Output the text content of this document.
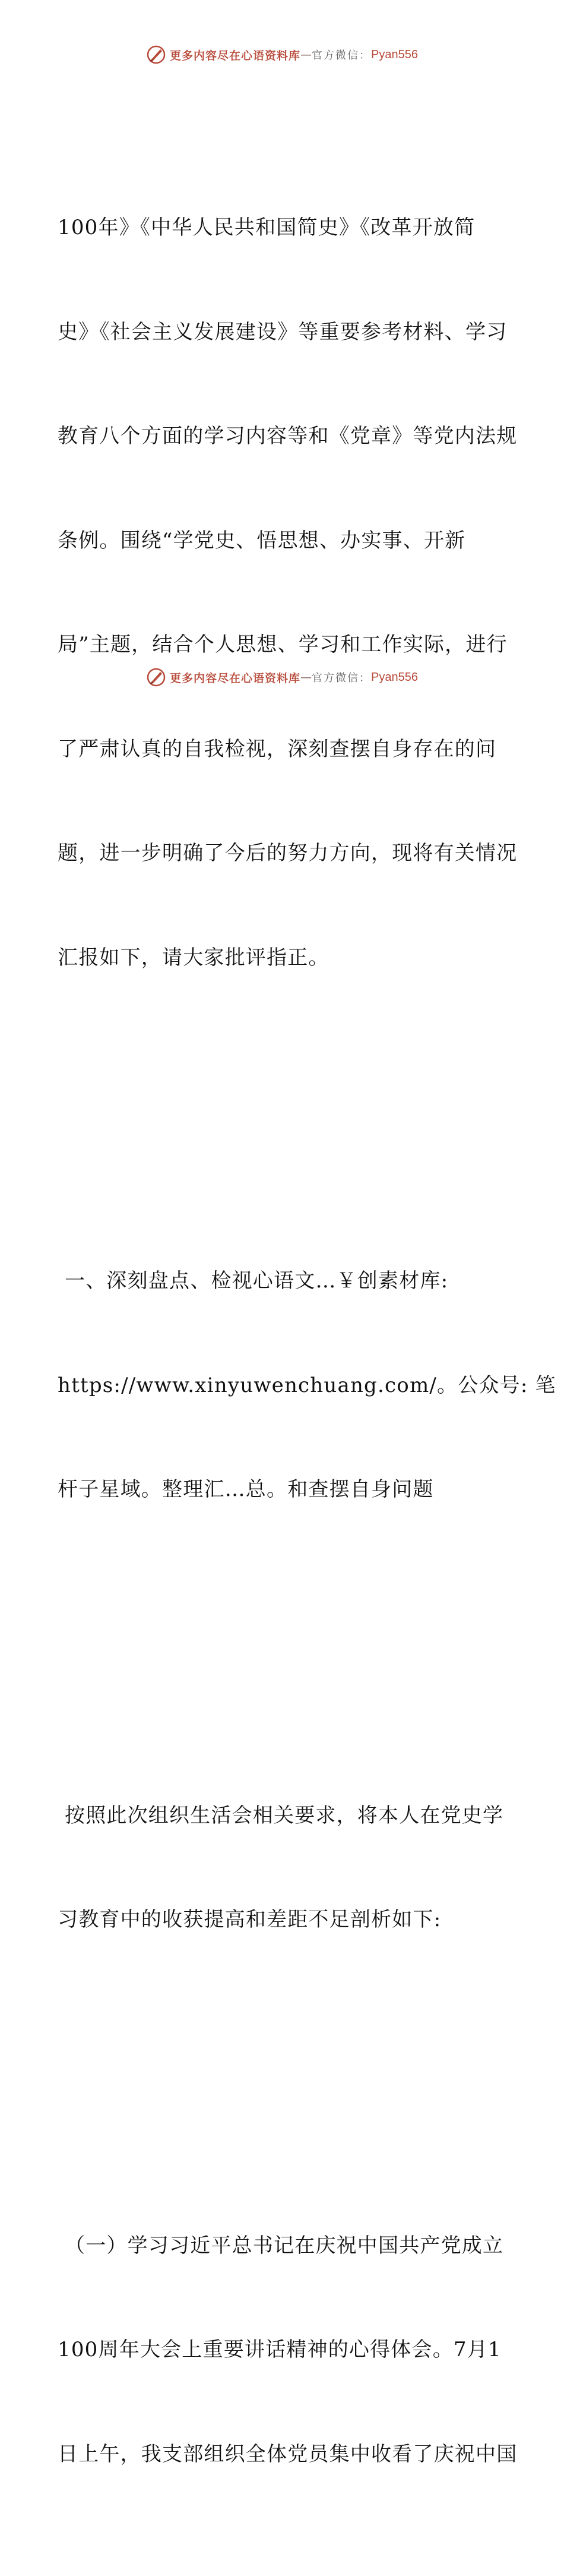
更多内容尽在心语资料库 — 官方微信： Pyan556

100年》《中华人民共和国简史》《改革开放简

史》《社会主义发展建设》等重要参考材料、学习

教育八个方面的学习内容等和《党章》等党内法规

条例。围绕“学党史、悟思想、办实事、开新

局”主题，结合个人思想、学习和工作实际，进行

了严肃认真的自我检视，深刻查摆自身存在的问

题，进一步明确了今后的努力方向，现将有关情况

汇报如下，请大家批评指正。

一、深刻盘点、检视心语文…￥创素材库:

https://www.xinyuwenchuang.com/。公众号: 笔

杆子星域。整理汇…总。和查摆自身问题

按照此次组织生活会相关要求，将本人在党史学

习教育中的收获提高和差距不足剖析如下:

（一）学习习近平总书记在庆祝中国共产党成立

100周年大会上重要讲话精神的心得体会。7月1

日上午，我支部组织全体党员集中收看了庆祝中国

更多内容尽在心语资料库 — 官方微信： Pyan556
